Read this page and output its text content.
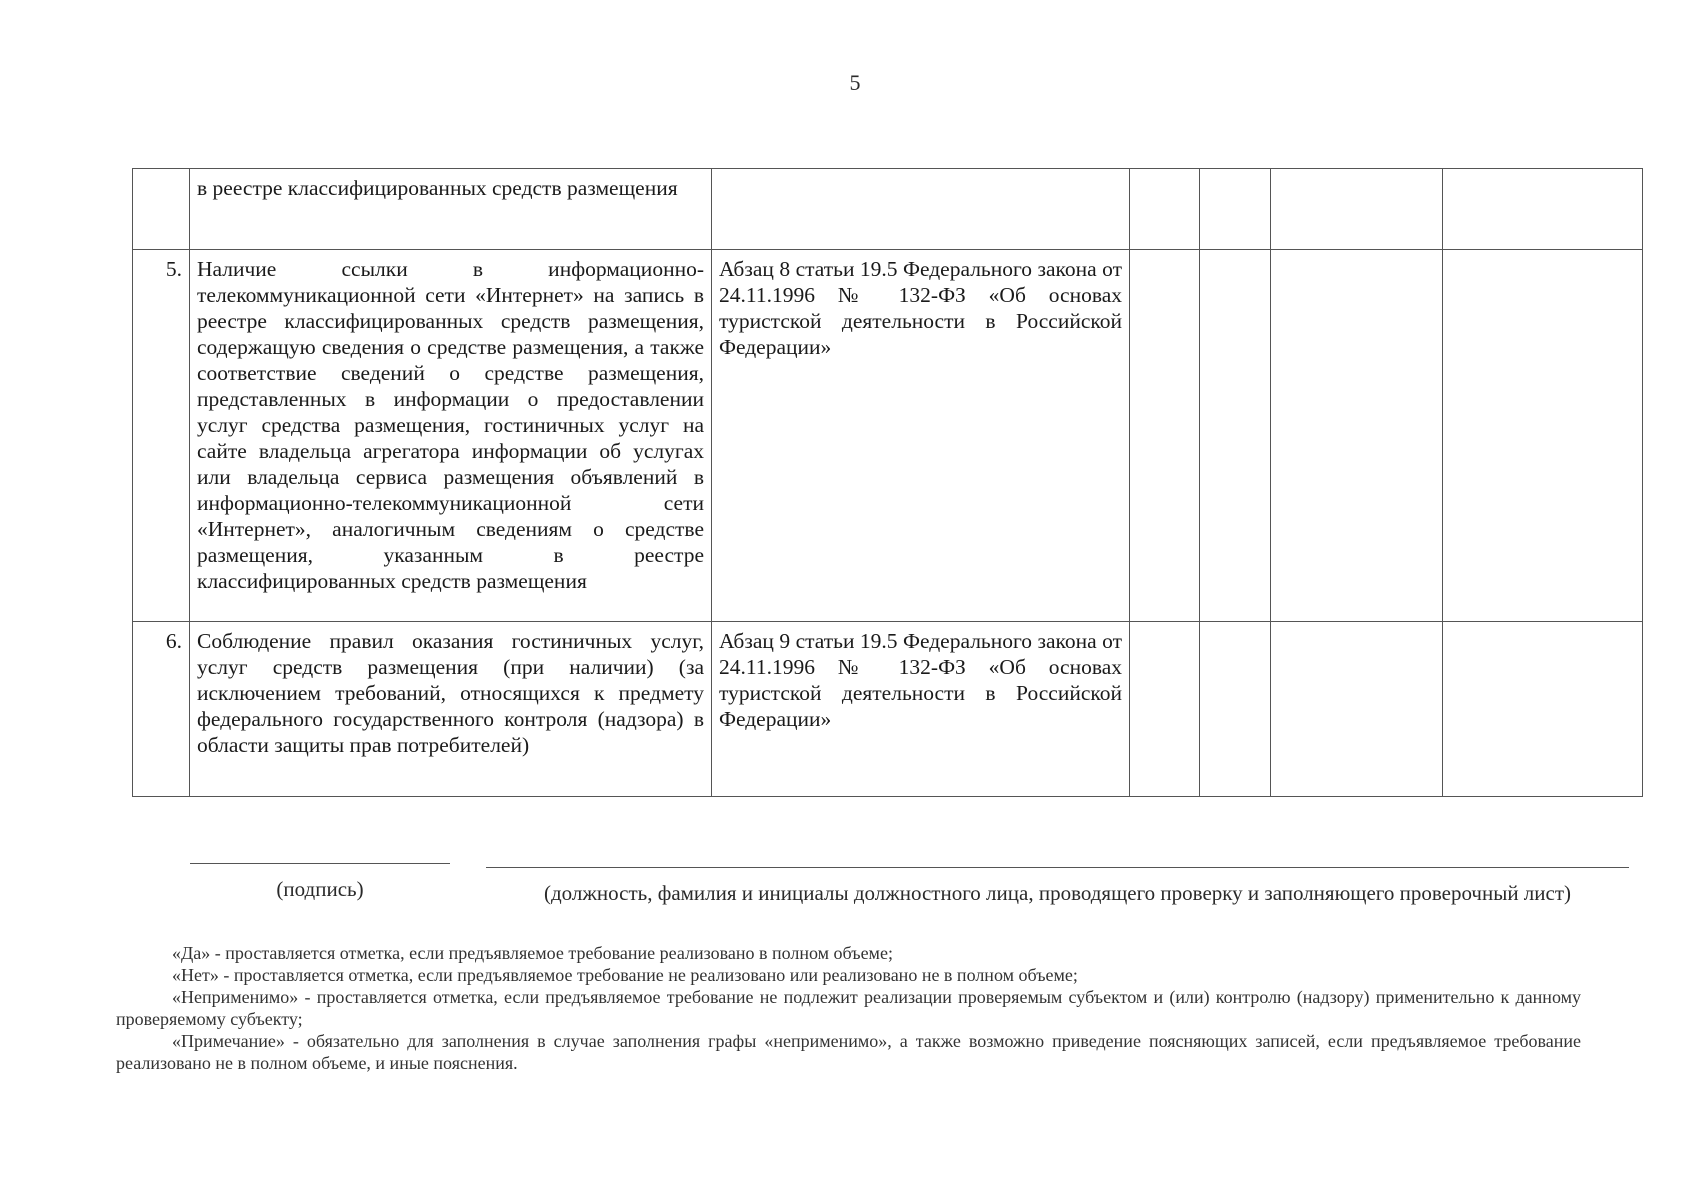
5
	в реестре классифицированных средств размещения					
5.	Наличие ссылки в информационно-телекоммуникационной сети «Интернет» на запись в реестре классифицированных средств размещения, содержащую сведения о средстве размещения, а также соответствие сведений о средстве размещения, представленных в информации о предоставлении услуг средства размещения, гостиничных услуг на сайте владельца агрегатора информации об услугах или владельца сервиса размещения объявлений в информационно-телекоммуникационной сети «Интернет», аналогичным сведениям о средстве размещения, указанным в реестре классифицированных средств размещения	Абзац 8 статьи 19.5 Федерального закона от 24.11.1996 № 132-ФЗ «Об основах туристской деятельности в Российской Федерации»				
6.	Соблюдение правил оказания гостиничных услуг, услуг средств размещения (при наличии) (за исключением требований, относящихся к предмету федерального государственного контроля (надзора) в области защиты прав потребителей)	Абзац 9 статьи 19.5 Федерального закона от 24.11.1996 № 132-ФЗ «Об основах туристской деятельности в Российской Федерации»				
(подпись)	(должность, фамилия и инициалы должностного лица, проводящего проверку и заполняющего проверочный лист)
«Да» - проставляется отметка, если предъявляемое требование реализовано в полном объеме;
«Нет» - проставляется отметка, если предъявляемое требование не реализовано или реализовано не в полном объеме;
«Неприменимо» - проставляется отметка, если предъявляемое требование не подлежит реализации проверяемым субъектом и (или) контролю (надзору) применительно к данному проверяемому субъекту;
«Примечание» - обязательно для заполнения в случае заполнения графы «неприменимо», а также возможно приведение поясняющих записей, если предъявляемое требование реализовано не в полном объеме, и иные пояснения.
